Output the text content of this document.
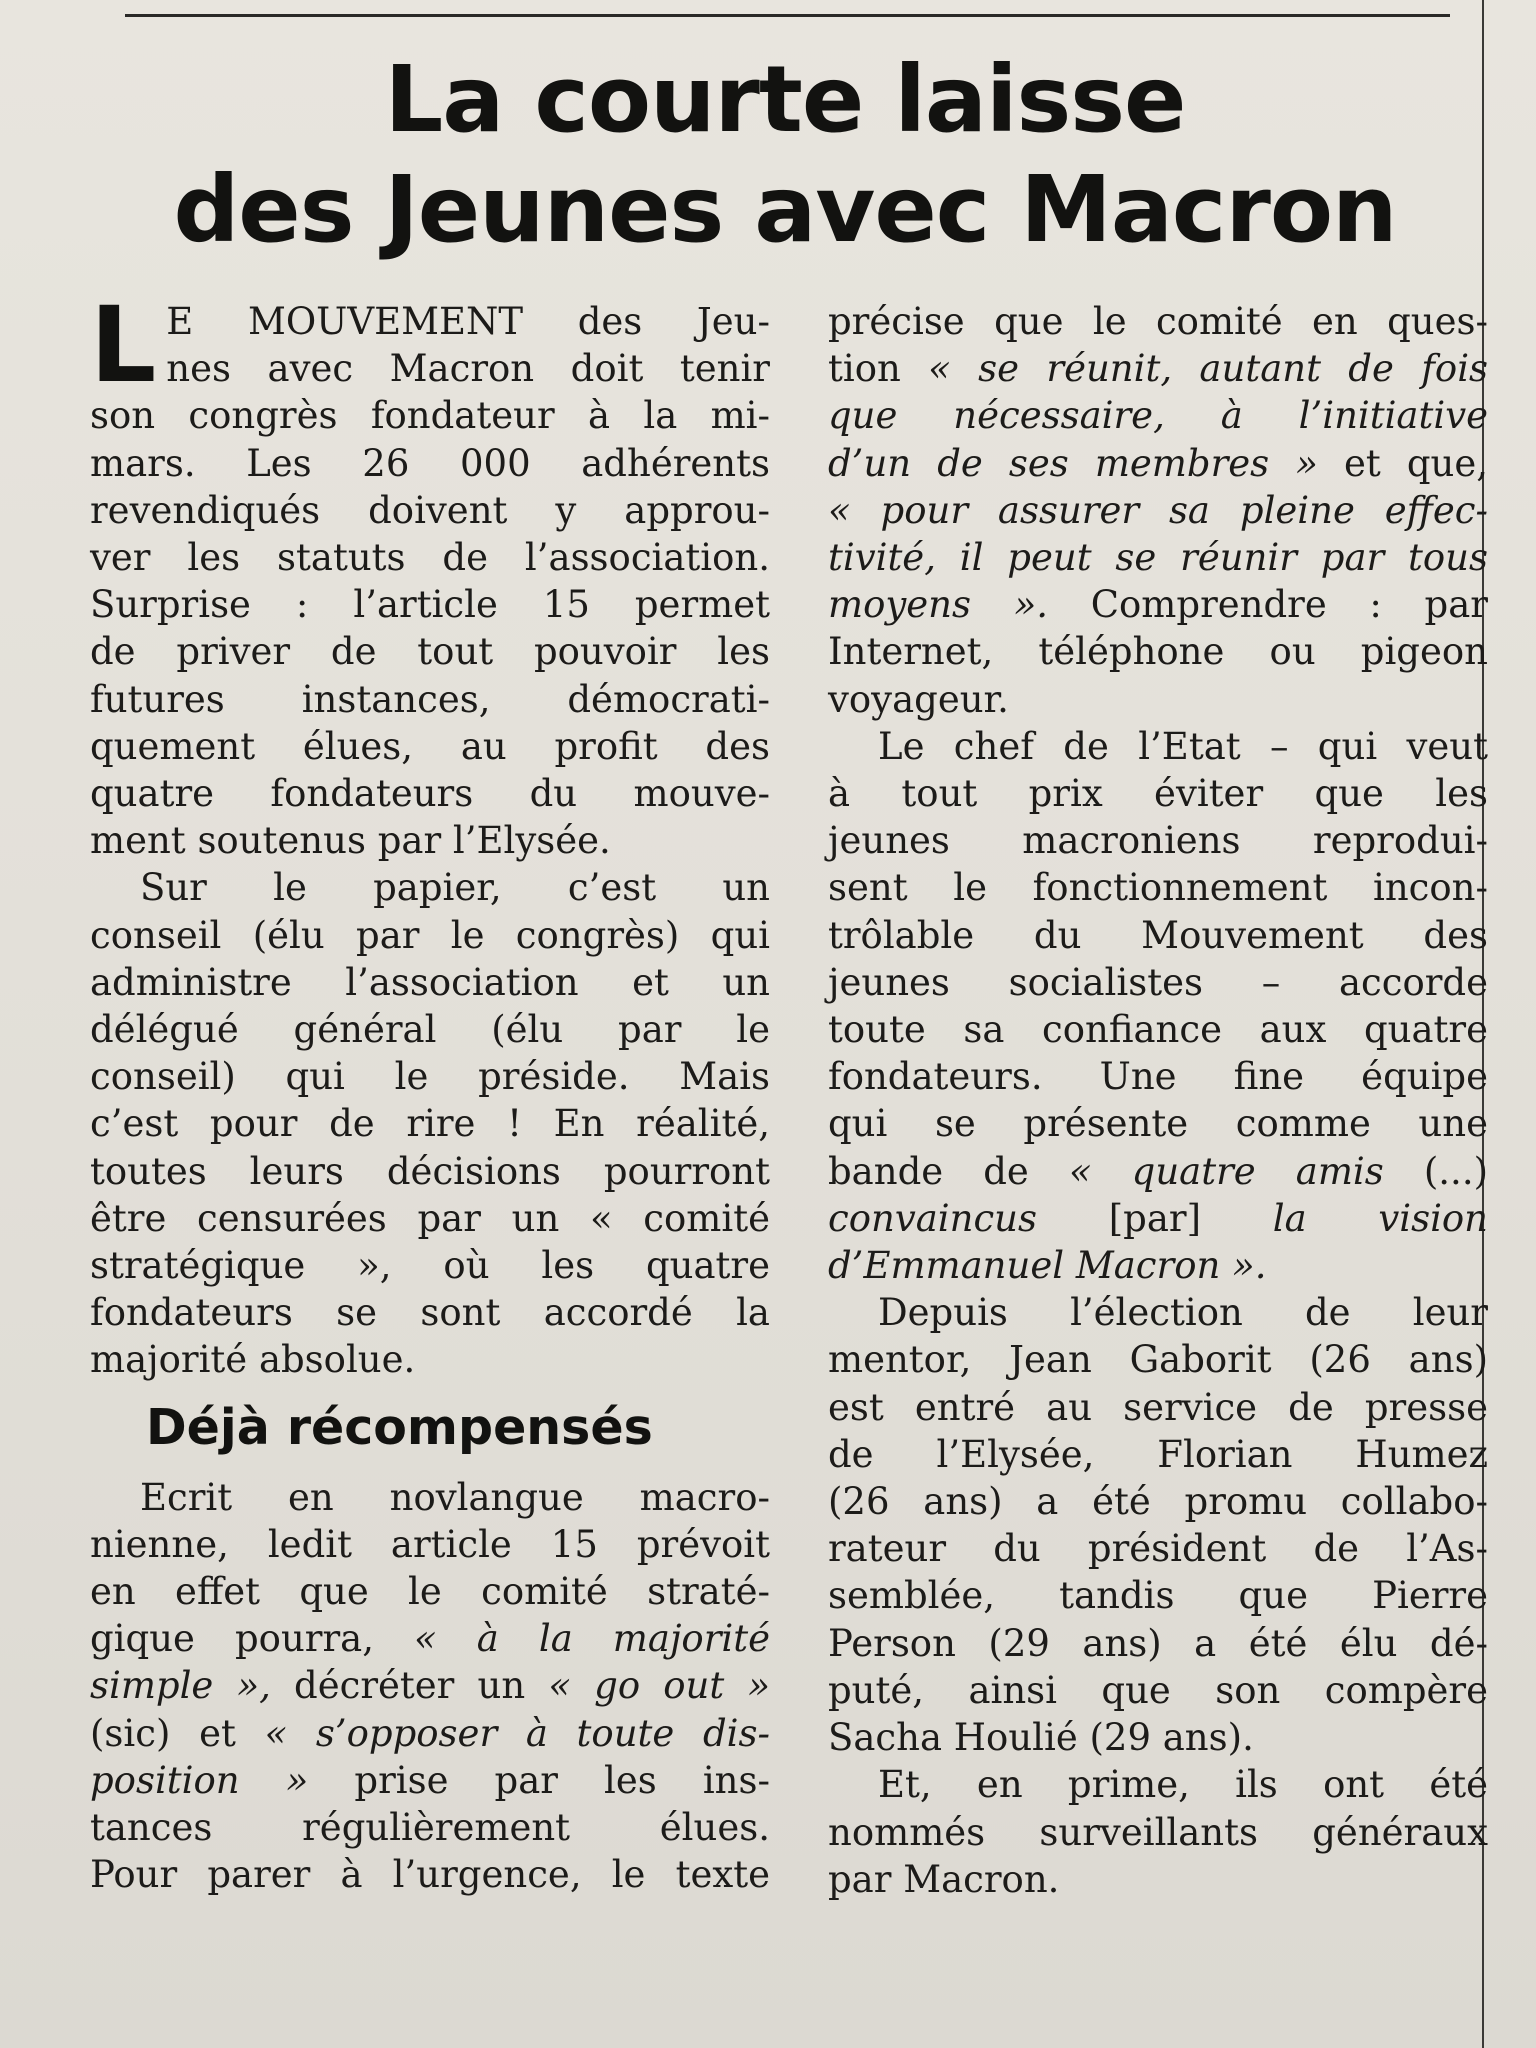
La courte laisse
des Jeunes avec Macron

L E MOUVEMENT des Jeu-
nes avec Macron doit tenir
son congrès fondateur à la mi-
mars. Les 26 000 adhérents
revendiqués doivent y approu-
ver les statuts de l’association.
Surprise : l’article 15 permet
de priver de tout pouvoir les
futures instances, démocrati-
quement élues, au profit des
quatre fondateurs du mouve-
ment soutenus par l’Elysée.

Sur le papier, c’est un
conseil (élu par le congrès) qui
administre l’association et un
délégué général (élu par le
conseil) qui le préside. Mais
c’est pour de rire ! En réalité,
toutes leurs décisions pourront
être censurées par un « comité
stratégique », où les quatre
fondateurs se sont accordé la
majorité absolue.

Déjà récompensés

Ecrit en novlangue macro-
nienne, ledit article 15 prévoit
en effet que le comité straté-
gique pourra, « à la majorité
simple », décréter un « go out »
(sic) et « s’opposer à toute dis-
position » prise par les ins-
tances régulièrement élues.
Pour parer à l’urgence, le texte

précise que le comité en ques-
tion « se réunit, autant de fois
que nécessaire, à l’initiative
d’un de ses membres » et que,
« pour assurer sa pleine effec-
tivité, il peut se réunir par tous
moyens ». Comprendre : par
Internet, téléphone ou pigeon
voyageur.

Le chef de l’Etat – qui veut
à tout prix éviter que les
jeunes macroniens reprodui-
sent le fonctionnement incon-
trôlable du Mouvement des
jeunes socialistes – accorde
toute sa confiance aux quatre
fondateurs. Une fine équipe
qui se présente comme une
bande de « quatre amis (...)
convaincus [par] la vision
d’Emmanuel Macron ».

Depuis l’élection de leur
mentor, Jean Gaborit (26 ans)
est entré au service de presse
de l’Elysée, Florian Humez
(26 ans) a été promu collabo-
rateur du président de l’As-
semblée, tandis que Pierre
Person (29 ans) a été élu dé-
puté, ainsi que son compère
Sacha Houlié (29 ans).

Et, en prime, ils ont été
nommés surveillants généraux
par Macron.
